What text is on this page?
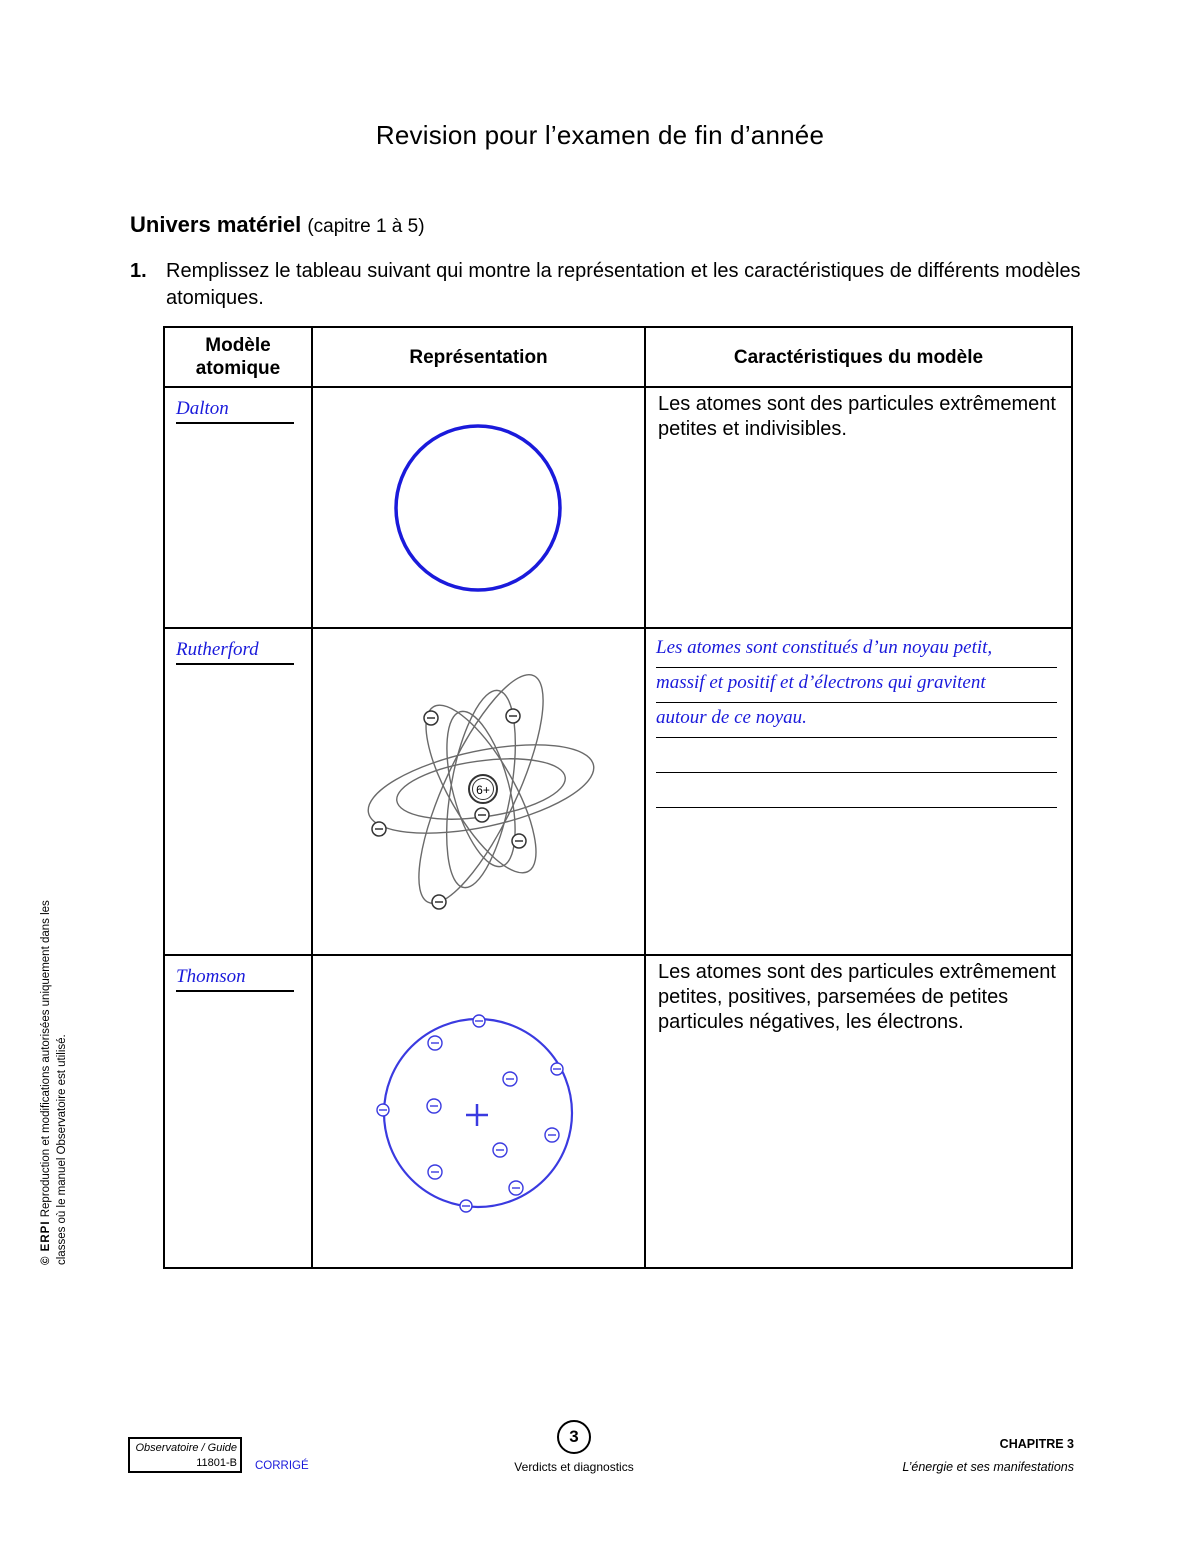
Revision pour l’examen de fin d’année
Univers matériel (capitre 1 à 5)
1. Remplissez le tableau suivant qui montre la représentation et les caractéristiques de différents modèles atomiques.
Modèle atomique	Représentation	Caractéristiques du modèle

Dalton		Les atomes sont des particules extrêmement petites et indivisibles.

Rutherford	6+	Les atomes sont constitués d’un noyau petit,
massif et positif et d’électrons qui gravitent
autour de ce noyau.

Thomson		Les atomes sont des particules extrêmement petites, positives, parsemées de petites particules négatives, les électrons.
© ERPI Reproduction et modifications autorisées uniquement dans les classes où le manuel Observatoire est utilisé.
Observatoire / Guide
11801-B CORRIGÉ
3
Verdicts et diagnostics
CHAPITRE 3
L’énergie et ses manifestations
